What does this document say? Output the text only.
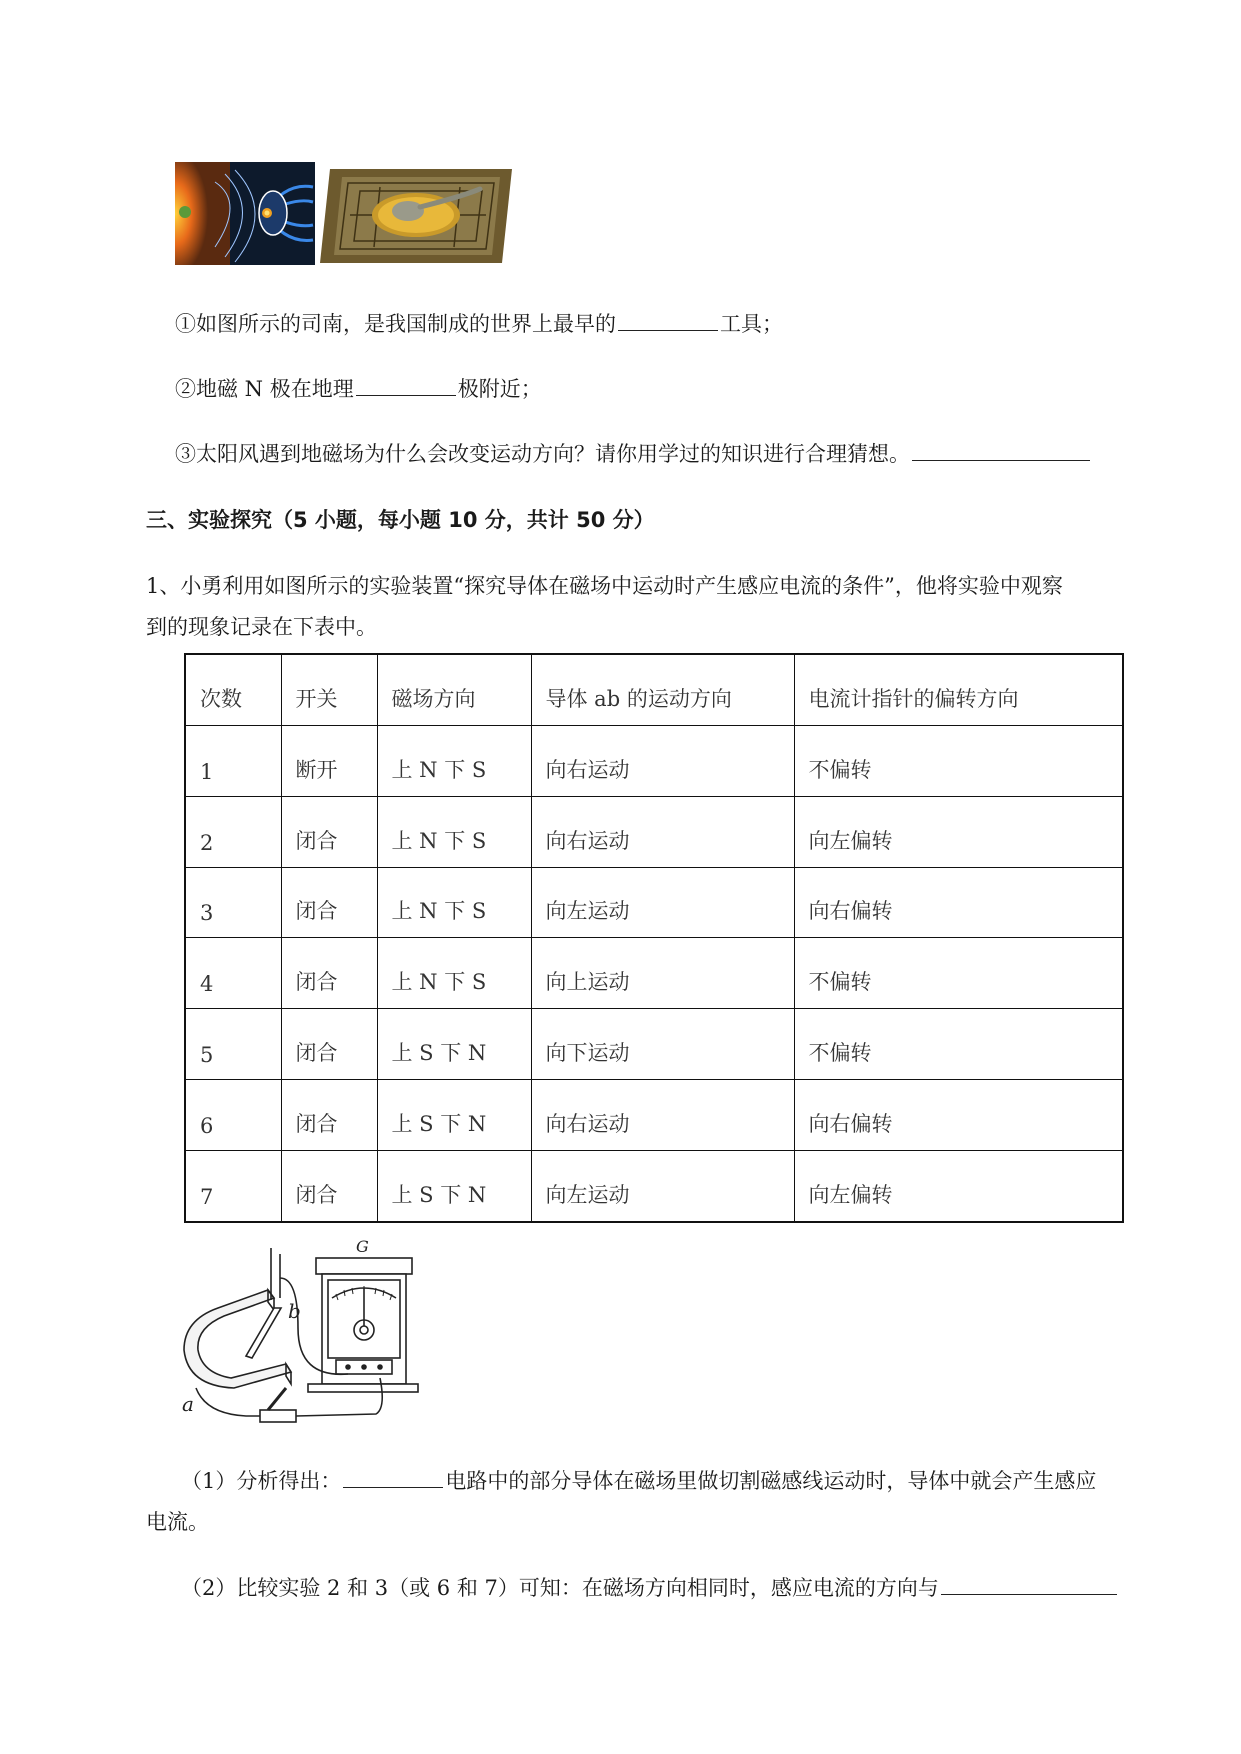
①如图所示的司南，是我国制成的世界上最早的	工具；
②地磁 N 极在地理	极附近；
③太阳风遇到地磁场为什么会改变运动方向？请你用学过的知识进行合理猜想。
三、实验探究（5 小题，每小题 10 分，共计 50 分）
1、小勇利用如图所示的实验装置“探究导体在磁场中运动时产生感应电流的条件”，他将实验中观察
到的现象记录在下表中。
次数	开关	磁场方向	导体 ab 的运动方向	电流计指针的偏转方向
1	断开	上 N 下 S	向右运动	不偏转
2	闭合	上 N 下 S	向右运动	向左偏转
3	闭合	上 N 下 S	向左运动	向右偏转
4	闭合	上 N 下 S	向上运动	不偏转
5	闭合	上 S 下 N	向下运动	不偏转
6	闭合	上 S 下 N	向右运动	向右偏转
7	闭合	上 S 下 N	向左运动	向左偏转
b
a
G
（1）分析得出：	电路中的部分导体在磁场里做切割磁感线运动时，导体中就会产生感应
电流。
（2）比较实验 2 和 3（或 6 和 7）可知：在磁场方向相同时，感应电流的方向与
